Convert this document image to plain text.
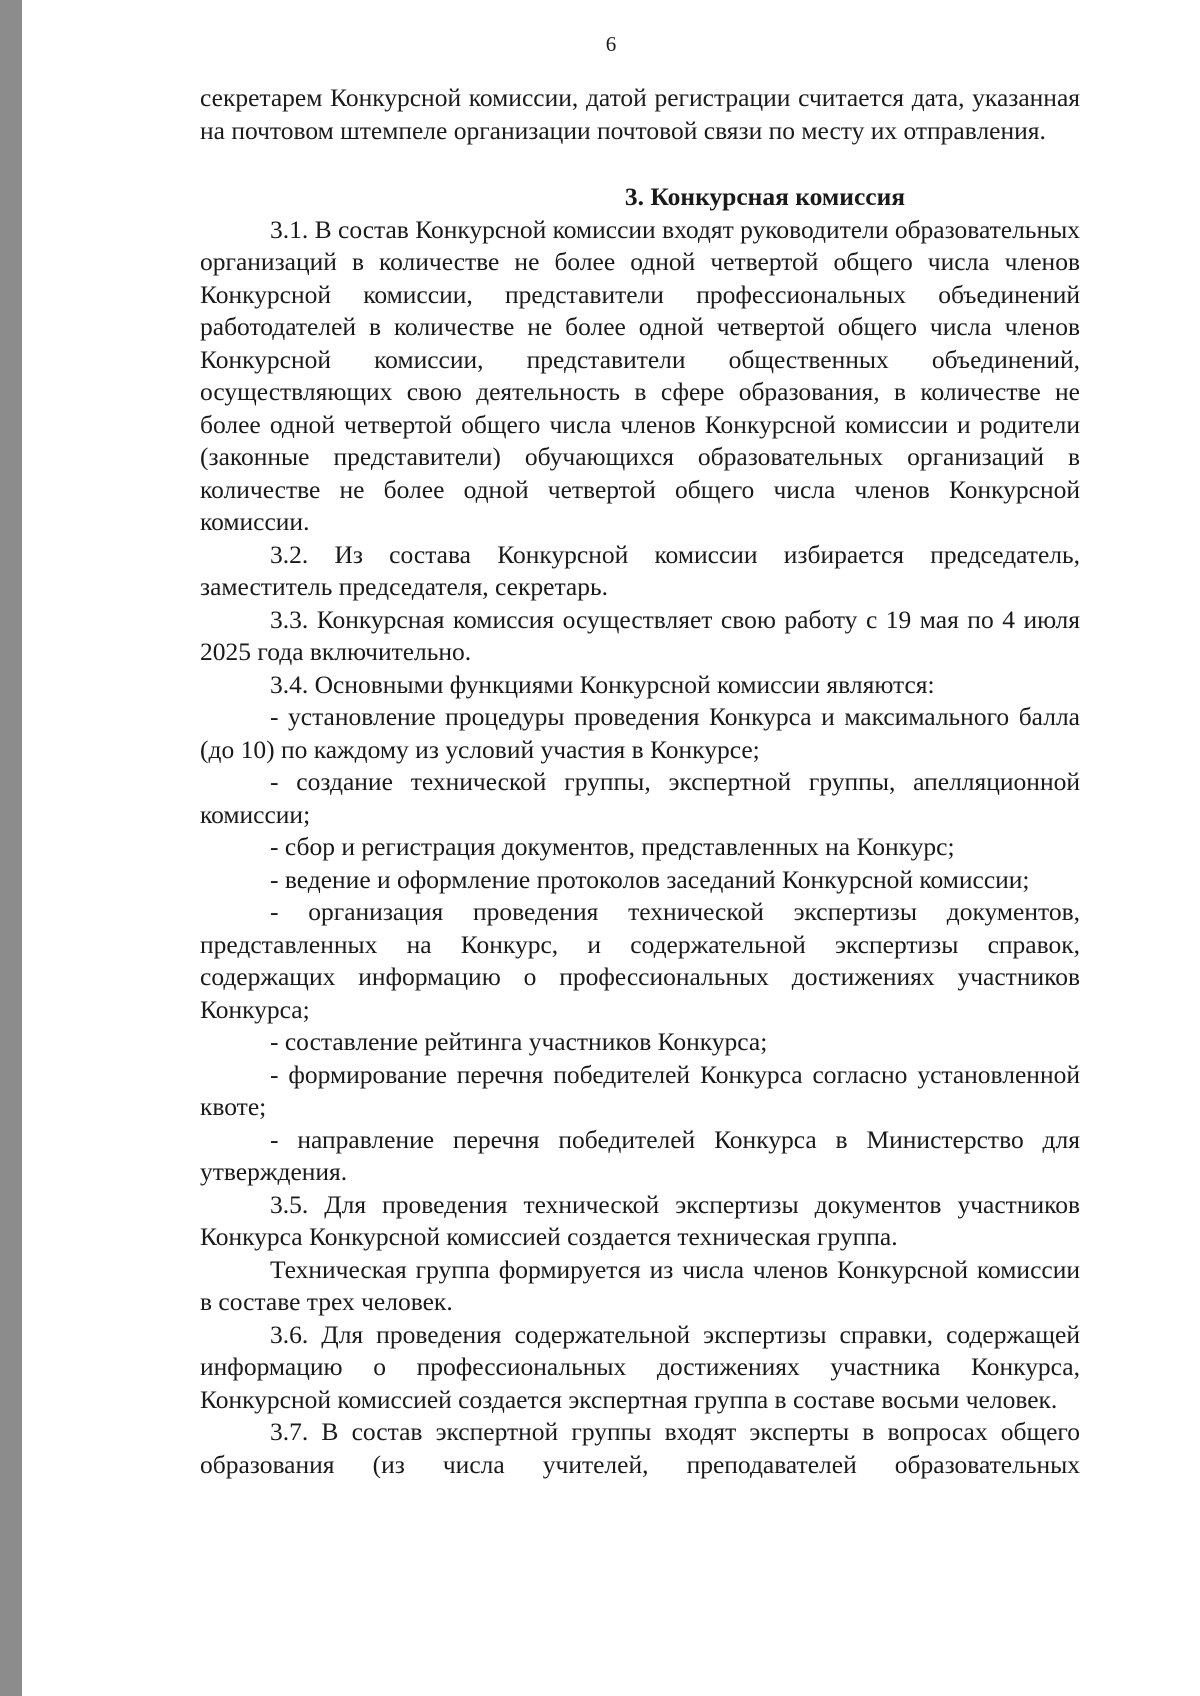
6

секретарем Конкурсной комиссии, датой регистрации считается дата, указанная на почтовом штемпеле организации почтовой связи по месту их отправления.

3. Конкурсная комиссия

3.1. В состав Конкурсной комиссии входят руководители образовательных организаций в количестве не более одной четвертой общего числа членов Конкурсной комиссии, представители профессиональных объединений работодателей в количестве не более одной четвертой общего числа членов Конкурсной комиссии, представители общественных объединений, осуществляющих свою деятельность в сфере образования, в количестве не более одной четвертой общего числа членов Конкурсной комиссии и родители (законные представители) обучающихся образовательных организаций в количестве не более одной четвертой общего числа членов Конкурсной комиссии.

3.2. Из состава Конкурсной комиссии избирается председатель, заместитель председателя, секретарь.

3.3. Конкурсная комиссия осуществляет свою работу с 19 мая по 4 июля 2025 года включительно.

3.4. Основными функциями Конкурсной комиссии являются:

- установление процедуры проведения Конкурса и максимального балла (до 10) по каждому из условий участия в Конкурсе;

- создание технической группы, экспертной группы, апелляционной комиссии;

- сбор и регистрация документов, представленных на Конкурс;

- ведение и оформление протоколов заседаний Конкурсной комиссии;

- организация проведения технической экспертизы документов, представленных на Конкурс, и содержательной экспертизы справок, содержащих информацию о профессиональных достижениях участников Конкурса;

- составление рейтинга участников Конкурса;

- формирование перечня победителей Конкурса согласно установленной квоте;

- направление перечня победителей Конкурса в Министерство для утверждения.

3.5. Для проведения технической экспертизы документов участников Конкурса Конкурсной комиссией создается техническая группа.

Техническая группа формируется из числа членов Конкурсной комиссии в составе трех человек.

3.6. Для проведения содержательной экспертизы справки, содержащей информацию о профессиональных достижениях участника Конкурса, Конкурсной комиссией создается экспертная группа в составе восьми человек.

3.7. В состав экспертной группы входят эксперты в вопросах общего образования (из числа учителей, преподавателей образовательных
